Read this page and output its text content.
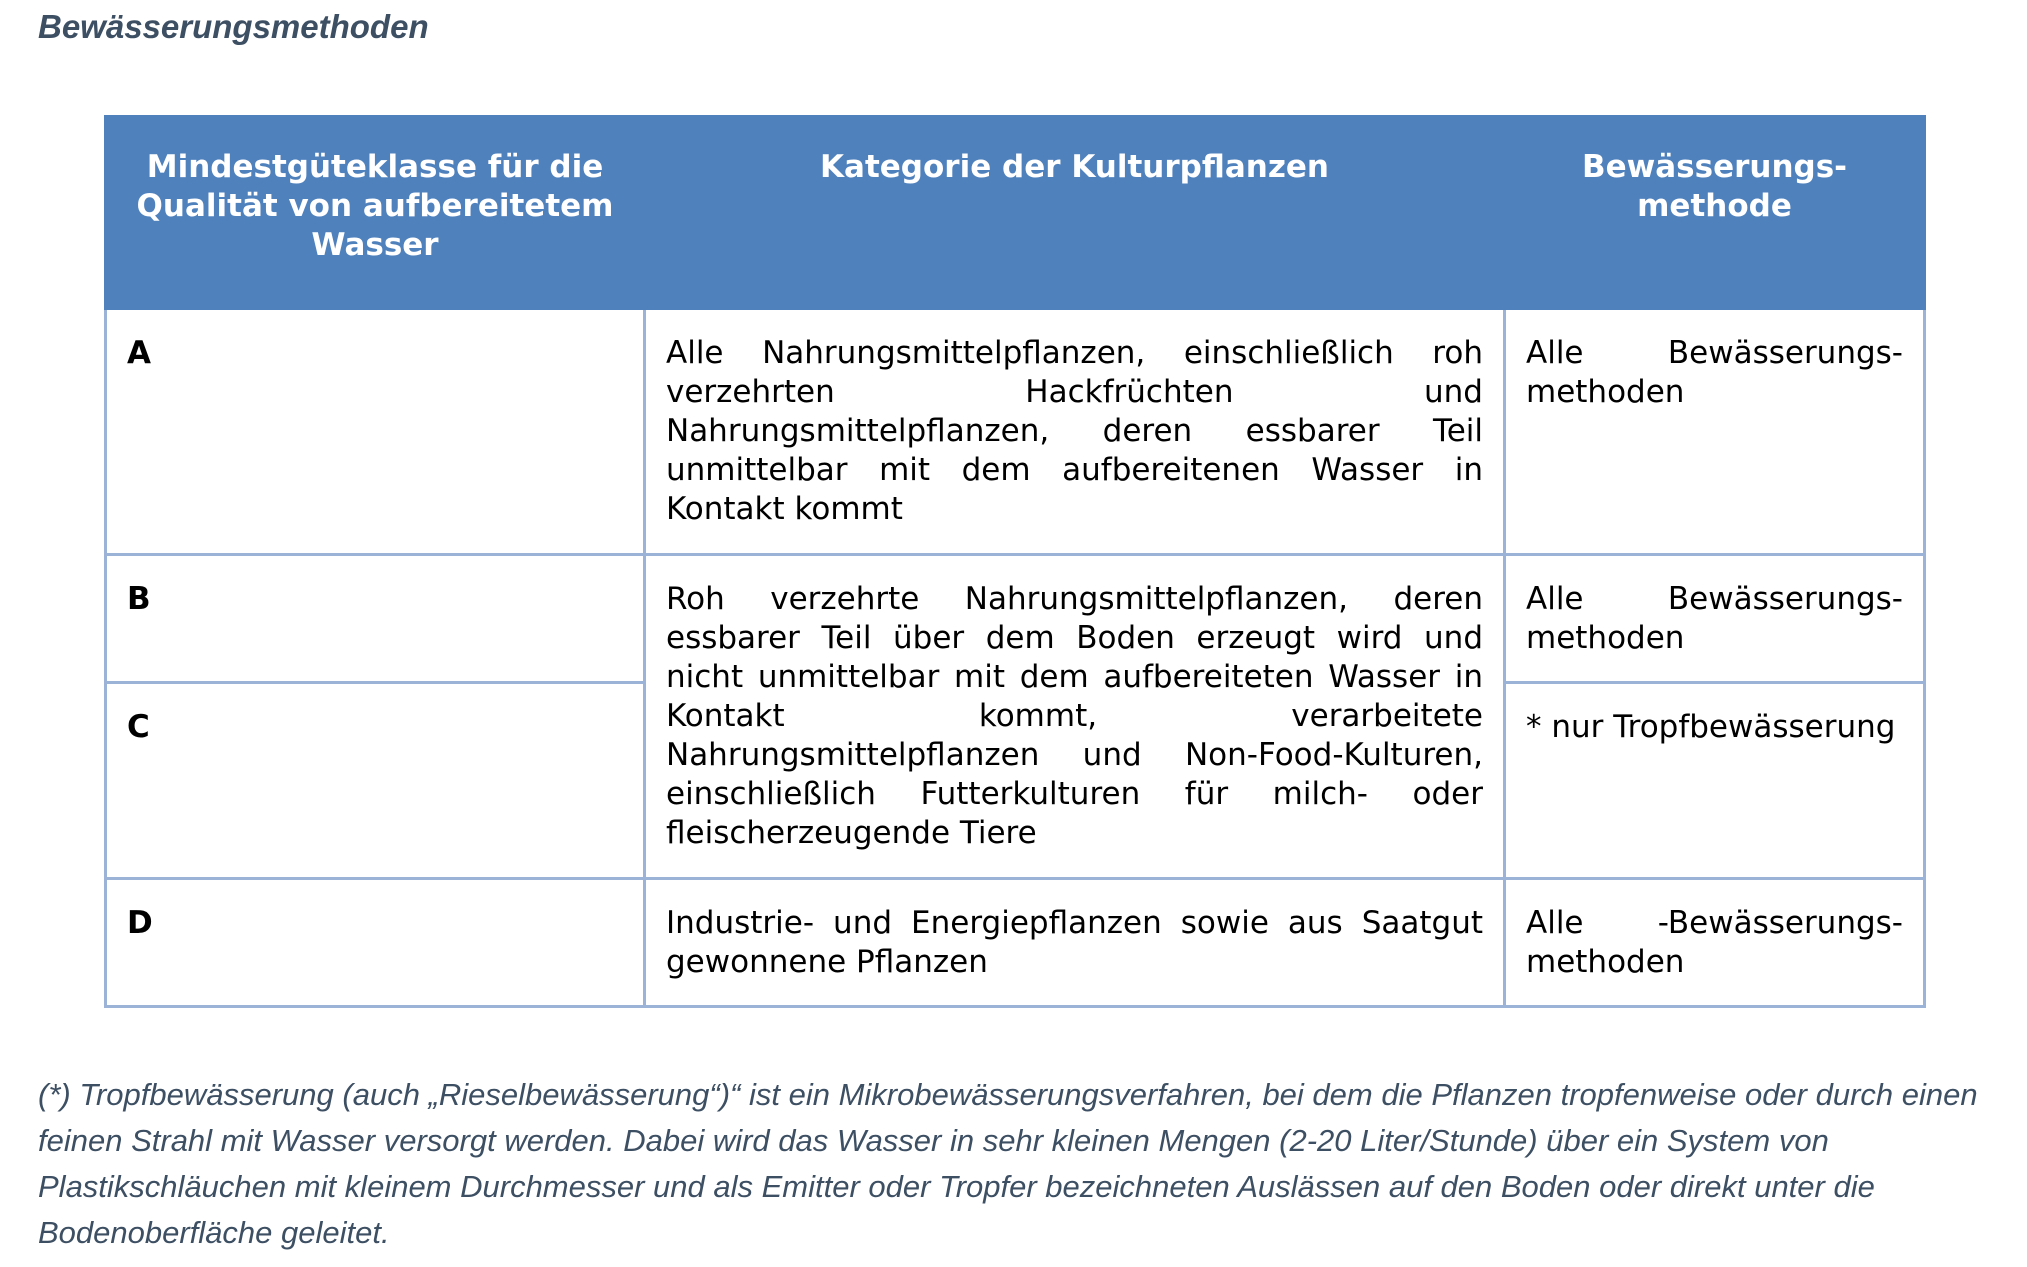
Bewässerungsmethoden
Mindestgüteklasse für die Qualität von aufbereitetem Wasser	Kategorie der Kulturpflanzen	Bewässerungs-methode
A	Alle Nahrungsmittelpflanzen, einschließlich roh verzehrten Hackfrüchten und Nahrungsmittelpflanzen, deren essbarer Teil unmittelbar mit dem aufbereitenen Wasser in Kontakt kommt	Alle Bewässerungs-methoden
B	Roh verzehrte Nahrungsmittelpflanzen, deren essbarer Teil über dem Boden erzeugt wird und nicht unmittelbar mit dem aufbereiteten Wasser in Kontakt kommt, verarbeitete Nahrungsmittelpflanzen und Non-Food-Kulturen, einschließlich Futterkulturen für milch- oder fleischerzeugende Tiere	Alle Bewässerungs-methoden
C		* nur Tropfbewässerung
D	Industrie- und Energiepflanzen sowie aus Saatgut gewonnene Pflanzen	Alle -Bewässerungs-methoden

(*) Tropfbewässerung (auch „Rieselbewässerung“)“ ist ein Mikrobewässerungsverfahren, bei dem die Pflanzen tropfenweise oder durch einen feinen Strahl mit Wasser versorgt werden. Dabei wird das Wasser in sehr kleinen Mengen (2-20 Liter/Stunde) über ein System von Plastikschläuchen mit kleinem Durchmesser und als Emitter oder Tropfer bezeichneten Auslässen auf den Boden oder direkt unter die Bodenoberfläche geleitet.
